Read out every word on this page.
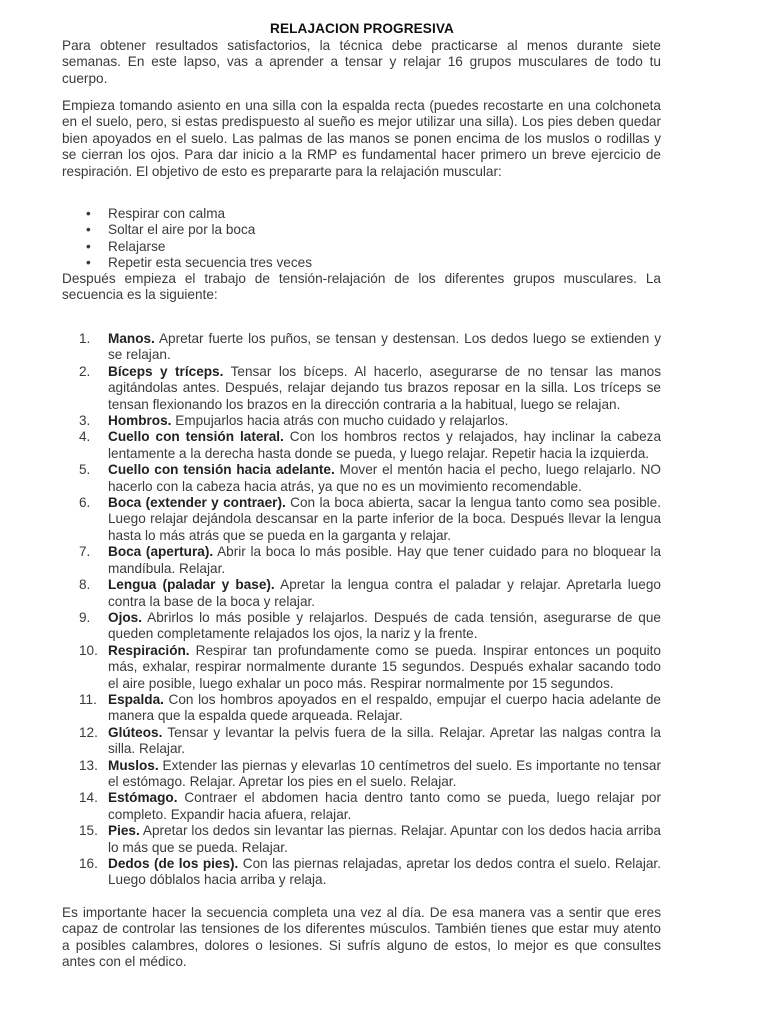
RELAJACION PROGRESIVA

Para obtener resultados satisfactorios, la técnica debe practicarse al menos durante siete semanas. En este lapso, vas a aprender a tensar y relajar 16 grupos musculares de todo tu cuerpo.

Empieza tomando asiento en una silla con la espalda recta (puedes recostarte en una colchoneta en el suelo, pero, si estas predispuesto al sueño es mejor utilizar una silla). Los pies deben quedar bien apoyados en el suelo. Las palmas de las manos se ponen encima de los muslos o rodillas y se cierran los ojos. Para dar inicio a la RMP es fundamental hacer primero un breve ejercicio de respiración. El objetivo de esto es prepararte para la relajación muscular:

• Respirar con calma
• Soltar el aire por la boca
• Relajarse
• Repetir esta secuencia tres veces

Después empieza el trabajo de tensión-relajación de los diferentes grupos musculares. La secuencia es la siguiente:

1.	Manos. Apretar fuerte los puños, se tensan y destensan. Los dedos luego se extienden y se relajan.
2.	Bíceps y tríceps. Tensar los bíceps. Al hacerlo, asegurarse de no tensar las manos agitándolas antes. Después, relajar dejando tus brazos reposar en la silla. Los tríceps se tensan flexionando los brazos en la dirección contraria a la habitual, luego se relajan.
3.	Hombros. Empujarlos hacia atrás con mucho cuidado y relajarlos.
4.	Cuello con tensión lateral. Con los hombros rectos y relajados, hay inclinar la cabeza lentamente a la derecha hasta donde se pueda, y luego relajar. Repetir hacia la izquierda.
5.	Cuello con tensión hacia adelante. Mover el mentón hacia el pecho, luego relajarlo. NO hacerlo con la cabeza hacia atrás, ya que no es un movimiento recomendable.
6.	Boca (extender y contraer). Con la boca abierta, sacar la lengua tanto como sea posible. Luego relajar dejándola descansar en la parte inferior de la boca. Después llevar la lengua hasta lo más atrás que se pueda en la garganta y relajar.
7.	Boca (apertura). Abrir la boca lo más posible. Hay que tener cuidado para no bloquear la mandíbula. Relajar.
8.	Lengua (paladar y base). Apretar la lengua contra el paladar y relajar. Apretarla luego contra la base de la boca y relajar.
9.	Ojos. Abrirlos lo más posible y relajarlos. Después de cada tensión, asegurarse de que queden completamente relajados los ojos, la nariz y la frente.
10. Respiración. Respirar tan profundamente como se pueda. Inspirar entonces un poquito más, exhalar, respirar normalmente durante 15 segundos. Después exhalar sacando todo el aire posible, luego exhalar un poco más. Respirar normalmente por 15 segundos.
11. Espalda. Con los hombros apoyados en el respaldo, empujar el cuerpo hacia adelante de manera que la espalda quede arqueada. Relajar.
12. Glúteos. Tensar y levantar la pelvis fuera de la silla. Relajar. Apretar las nalgas contra la silla. Relajar.
13. Muslos. Extender las piernas y elevarlas 10 centímetros del suelo. Es importante no tensar el estómago. Relajar. Apretar los pies en el suelo. Relajar.
14. Estómago. Contraer el abdomen hacia dentro tanto como se pueda, luego relajar por completo. Expandir hacia afuera, relajar.
15. Pies. Apretar los dedos sin levantar las piernas. Relajar. Apuntar con los dedos hacia arriba lo más que se pueda. Relajar.
16. Dedos (de los pies). Con las piernas relajadas, apretar los dedos contra el suelo. Relajar. Luego dóblalos hacia arriba y relaja.

Es importante hacer la secuencia completa una vez al día. De esa manera vas a sentir que eres capaz de controlar las tensiones de los diferentes músculos. También tienes que estar muy atento a posibles calambres, dolores o lesiones. Si sufrís alguno de estos, lo mejor es que consultes antes con el médico.
